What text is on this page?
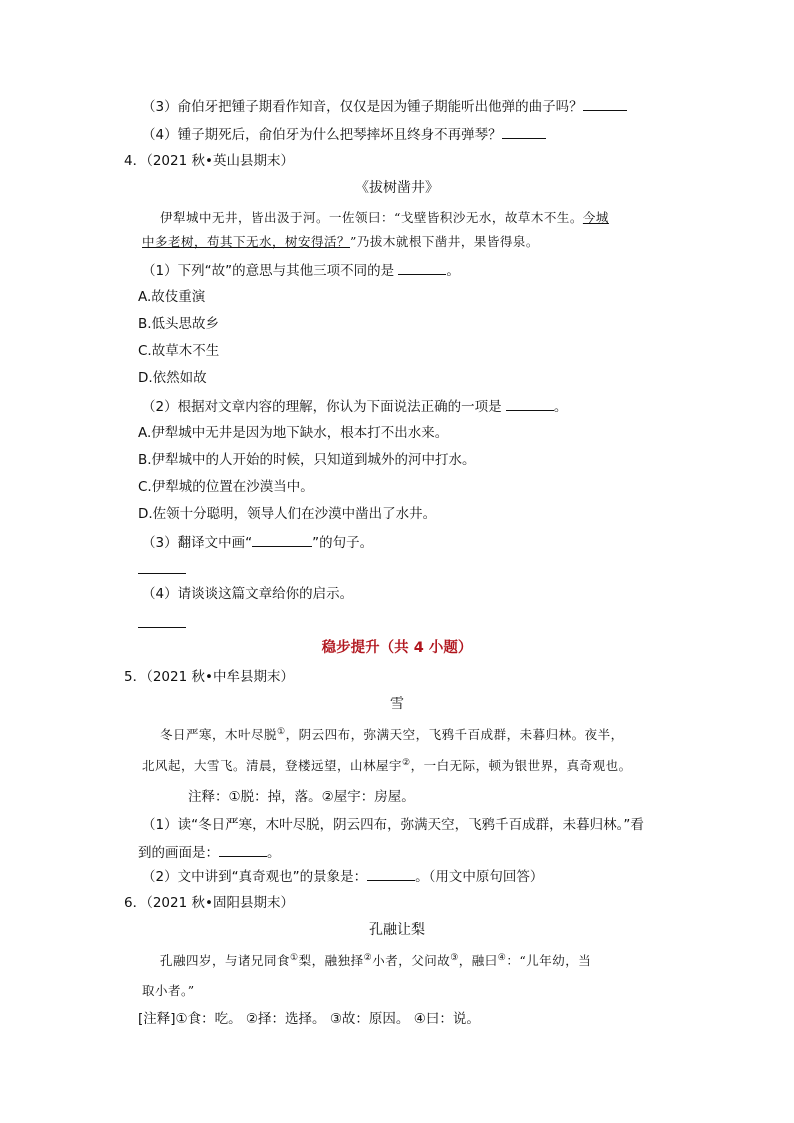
（3）俞伯牙把锺子期看作知音，仅仅是因为锺子期能听出他弹的曲子吗？
（4）锺子期死后，俞伯牙为什么把琴摔坏且终身不再弹琴？
4．（2021 秋•英山县期末）
《拔树凿井》
伊犁城中无井，皆出汲于河。一佐领曰：“戈壁皆积沙无水，故草木不生。今城
中多老树，苟其下无水，树安得活？”乃拔木就根下凿井，果皆得泉。
（1）下列“故”的意思与其他三项不同的是	。
A.故伎重演
B.低头思故乡
C.故草木不生
D.依然如故
（2）根据对文章内容的理解，你认为下面说法正确的一项是	。
A.伊犁城中无井是因为地下缺水，根本打不出水来。
B.伊犁城中的人开始的时候，只知道到城外的河中打水。
C.伊犁城的位置在沙漠当中。
D.佐领十分聪明，领导人们在沙漠中凿出了水井。
（3）翻译文中画“	”的句子。
（4）请谈谈这篇文章给你的启示。
稳步提升（共 4 小题）
5．（2021 秋•中牟县期末）
雪
冬日严寒，木叶尽脱①，阴云四布，弥满天空，飞鸦千百成群，未暮归林。夜半，
北风起，大雪飞。清晨，登楼远望，山林屋宇②，一白无际，顿为银世界，真奇观也。
注释：①脱：掉，落。②屋宇：房屋。
（1）读“冬日严寒，木叶尽脱，阴云四布，弥满天空，飞鸦千百成群，未暮归林。”看
到的画面是：	。
（2）文中讲到“真奇观也”的景象是：	。（用文中原句回答）
6．（2021 秋•固阳县期末）
孔融让梨
孔融四岁，与诸兄同食①梨，融独择②小者，父问故③，融曰④：“儿年幼，当
取小者。”
[注释]①食：吃。 ②择：选择。 ③故：原因。 ④曰：说。
